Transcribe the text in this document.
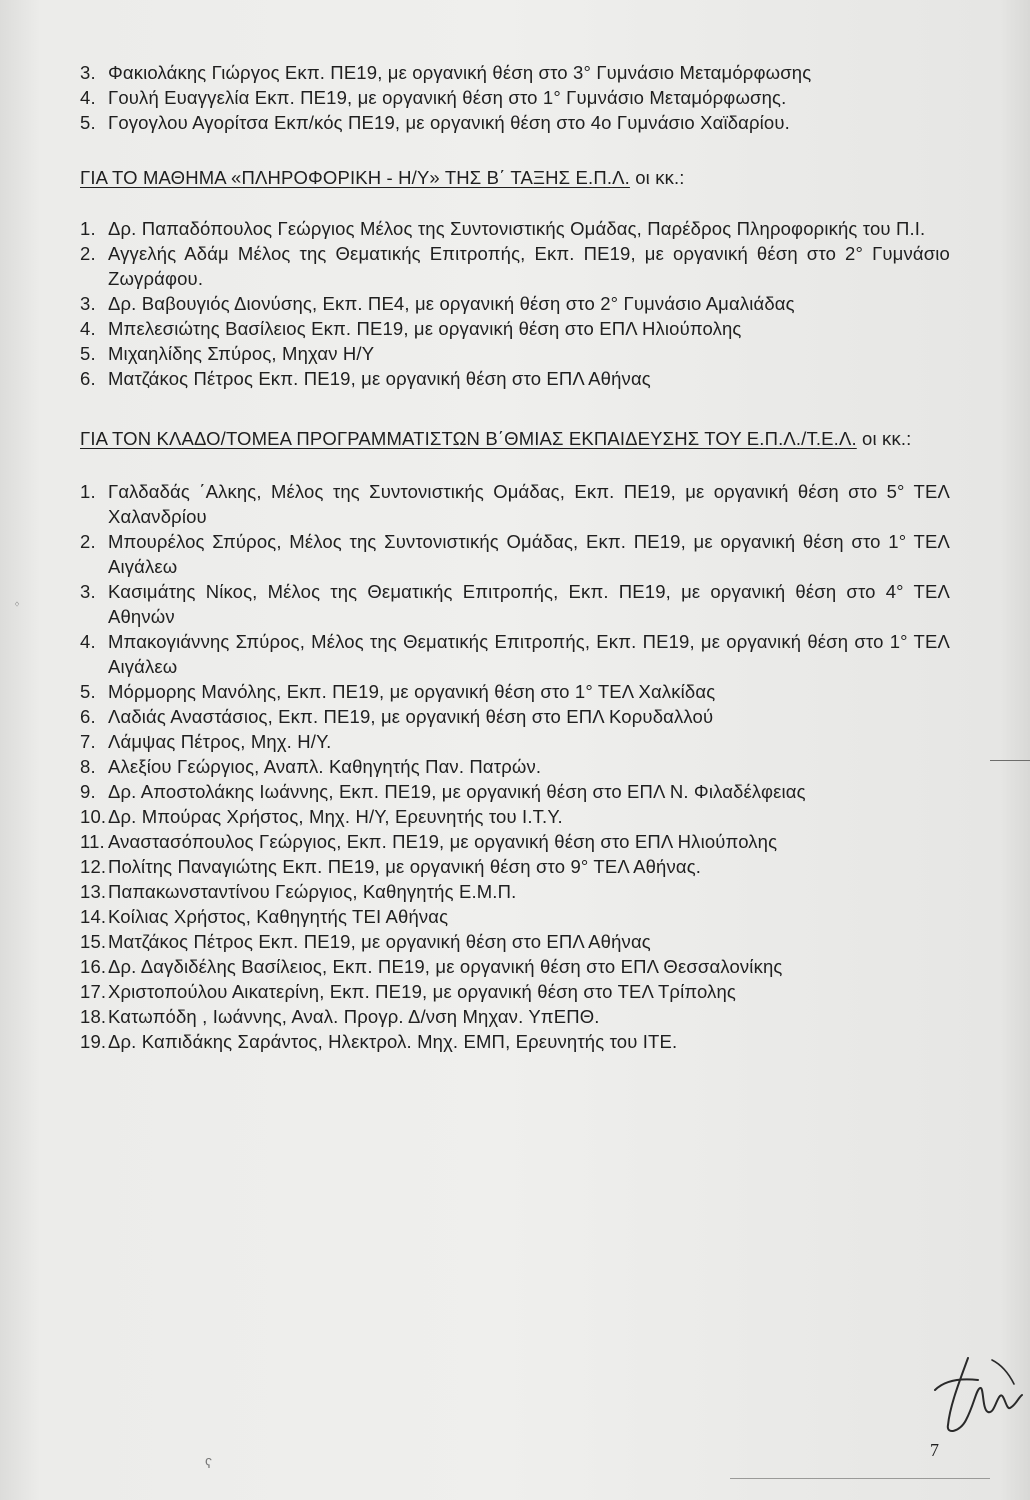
3. Φακιολάκης Γιώργος Εκπ. ΠΕ19, με οργανική θέση στο 3° Γυμνάσιο Μεταμόρφωσης
4. Γουλή Ευαγγελία Εκπ. ΠΕ19, με οργανική θέση στο 1° Γυμνάσιο Μεταμόρφωσης.
5. Γογογλου Αγορίτσα Εκπ/κός ΠΕ19, με οργανική θέση στο 4ο Γυμνάσιο Χαϊδαρίου.

ΓΙΑ ΤΟ ΜΑΘΗΜΑ «ΠΛΗΡΟΦΟΡΙΚΗ - Η/Υ» ΤΗΣ Β΄ ΤΑΞΗΣ Ε.Π.Λ. οι κκ.:

1. Δρ. Παπαδόπουλος Γεώργιος Μέλος της Συντονιστικής Ομάδας, Παρέδρος Πληροφορικής του Π.Ι.
2. Αγγελής Αδάμ Μέλος της Θεματικής Επιτροπής, Εκπ. ΠΕ19, με οργανική θέση στο 2° Γυμνάσιο Ζωγράφου.
3. Δρ. Βαβουγιός Διονύσης, Εκπ. ΠΕ4, με οργανική θέση στο 2° Γυμνάσιο Αμαλιάδας
4. Μπελεσιώτης Βασίλειος Εκπ. ΠΕ19, με οργανική θέση στο ΕΠΛ Ηλιούπολης
5. Μιχαηλίδης Σπύρος, Μηχαν Η/Υ
6. Ματζάκος Πέτρος Εκπ. ΠΕ19, με οργανική θέση στο ΕΠΛ Αθήνας

ΓΙΑ ΤΟΝ ΚΛΑΔΟ/ΤΟΜΕΑ ΠΡΟΓΡΑΜΜΑΤΙΣΤΩΝ Β΄ΘΜΙΑΣ ΕΚΠΑΙΔΕΥΣΗΣ ΤΟΥ Ε.Π.Λ./Τ.Ε.Λ. οι κκ.:

1. Γαλδαδάς ΄Αλκης, Μέλος της Συντονιστικής Ομάδας, Εκπ. ΠΕ19, με οργανική θέση στο 5° ΤΕΛ Χαλανδρίου
2. Μπουρέλος Σπύρος, Μέλος της Συντονιστικής Ομάδας, Εκπ. ΠΕ19, με οργανική θέση στο 1° ΤΕΛ Αιγάλεω
3. Κασιμάτης Νίκος, Μέλος της Θεματικής Επιτροπής, Εκπ. ΠΕ19, με οργανική θέση στο 4° ΤΕΛ Αθηνών
4. Μπακογιάννης Σπύρος, Μέλος της Θεματικής Επιτροπής, Εκπ. ΠΕ19, με οργανική θέση στο 1° ΤΕΛ Αιγάλεω
5. Μόρμορης Μανόλης, Εκπ. ΠΕ19, με οργανική θέση στο 1° ΤΕΛ Χαλκίδας
6. Λαδιάς Αναστάσιος, Εκπ. ΠΕ19, με οργανική θέση στο ΕΠΛ Κορυδαλλού
7. Λάμψας Πέτρος, Μηχ. Η/Υ.
8. Αλεξίου Γεώργιος, Αναπλ. Καθηγητής Παν. Πατρών.
9. Δρ. Αποστολάκης Ιωάννης, Εκπ. ΠΕ19, με οργανική θέση στο ΕΠΛ Ν. Φιλαδέλφειας
10. Δρ. Μπούρας Χρήστος, Μηχ. Η/Υ, Ερευνητής του Ι.Τ.Υ.
11. Αναστασόπουλος Γεώργιος, Εκπ. ΠΕ19, με οργανική θέση στο ΕΠΛ Ηλιούπολης
12. Πολίτης Παναγιώτης Εκπ. ΠΕ19, με οργανική θέση στο 9° ΤΕΛ Αθήνας.
13. Παπακωνσταντίνου Γεώργιος, Καθηγητής Ε.Μ.Π.
14. Κοίλιας Χρήστος, Καθηγητής ΤΕΙ Αθήνας
15. Ματζάκος Πέτρος Εκπ. ΠΕ19, με οργανική θέση στο ΕΠΛ Αθήνας
16. Δρ. Δαγδιδέλης Βασίλειος, Εκπ. ΠΕ19, με οργανική θέση στο ΕΠΛ Θεσσαλονίκης
17. Χριστοπούλου Αικατερίνη, Εκπ. ΠΕ19, με οργανική θέση στο ΤΕΛ Τρίπολης
18. Κατωπόδη , Ιωάννης, Αναλ. Προγρ. Δ/νση Μηχαν. ΥπΕΠΘ.
19. Δρ. Καπιδάκης Σαράντος, Ηλεκτρολ. Μηχ. ΕΜΠ, Ερευνητής του ΙΤΕ.
ᛜ
7
ʕ
